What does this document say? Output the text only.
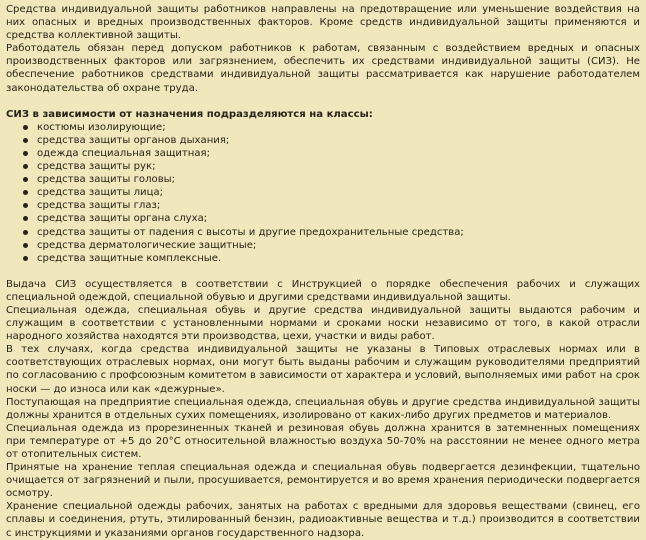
Средства индивидуальной защиты работников направлены на предотвращение или уменьшение воздействия на них опасных и вредных производственных факторов. Кроме средств индивидуальной защиты применяются и средства коллективной защиты.

Работодатель обязан перед допуском работников к работам, связанным с воздействием вредных и опасных производственных факторов или загрязнением, обеспечить их средствами индивидуальной защиты (СИЗ). Не обеспечение работников средствами индивидуальной защиты рассматривается как нарушение работодателем законодательства об охране труда.

СИЗ в зависимости от назначения подразделяются на классы:

костюмы изолирующие;
средства защиты органов дыхания;
одежда специальная защитная;
средства защиты рук;
средства защиты головы;
средства защиты лица;
средства защиты глаз;
средства защиты органа слуха;
средства защиты от падения с высоты и другие предохранительные средства;
средства дерматологические защитные;
средства защитные комплексные.

Выдача СИЗ осуществляется в соответствии с Инструкцией о порядке обеспечения рабочих и служащих специальной одеждой, специальной обувью и другими средствами индивидуальной защиты.

Специальная одежда, специальная обувь и другие средства индивидуальной защиты выдаются рабочим и служащим в соответствии с установленными нормами и сроками носки независимо от того, в какой отрасли народного хозяйства находятся эти производства, цехи, участки и виды работ.

В тех случаях, когда средства индивидуальной защиты не указаны в Типовых отраслевых нормах или в соответствующих отраслевых нормах, они могут быть выданы рабочим и служащим руководителями предприятий по согласованию с профсоюзным комитетом в зависимости от характера и условий, выполняемых ими работ на срок носки — до износа или как «дежурные».

Поступающая на предприятие специальная одежда, специальная обувь и другие средства индивидуальной защиты должны хранится в отдельных сухих помещениях, изолировано от каких-либо других предметов и материалов.

Специальная одежда из прорезиненных тканей и резиновая обувь должна хранится в затемненных помещениях при температуре от +5 до 20°С относительной влажностью воздуха 50-70% на расстоянии не менее одного метра от отопительных систем.

Принятые на хранение теплая специальная одежда и специальная обувь подвергается дезинфекции, тщательно очищается от загрязнений и пыли, просушивается, ремонтируется и во время хранения периодически подвергается осмотру.

Хранение специальной одежды рабочих, занятых на работах с вредными для здоровья веществами (свинец, его сплавы и соединения, ртуть, этилированный бензин, радиоактивные вещества и т.д.) производится в соответствии с инструкциями и указаниями органов государственного надзора.
